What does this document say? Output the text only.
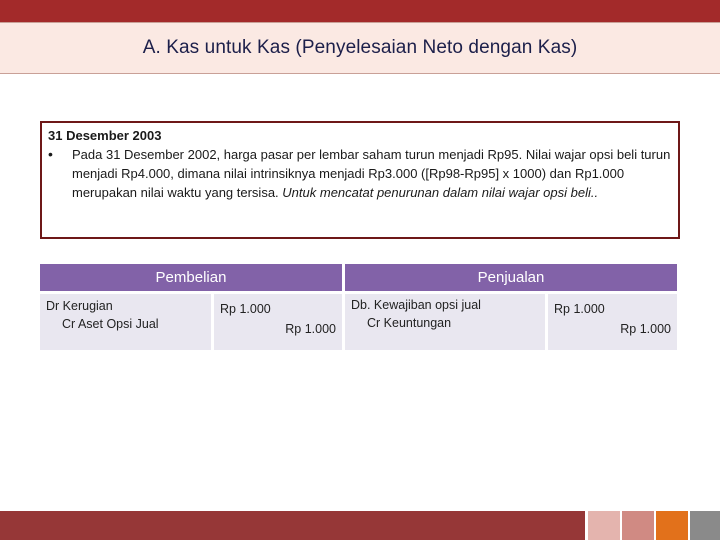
A. Kas untuk Kas (Penyelesaian Neto dengan Kas)
31 Desember 2003
•	Pada 31 Desember 2002, harga pasar per lembar saham turun menjadi Rp95. Nilai wajar opsi beli turun menjadi Rp4.000, dimana nilai intrinsiknya menjadi Rp3.000 ([Rp98-Rp95] x 1000) dan Rp1.000 merupakan nilai waktu yang tersisa. Untuk mencatat penurunan dalam nilai wajar opsi beli..
Pembelian	Penjualan
Dr Kerugian
Cr Aset Opsi Jual
Rp 1.000
Rp 1.000
Db. Kewajiban opsi jual
Cr Keuntungan
Rp 1.000
Rp 1.000
